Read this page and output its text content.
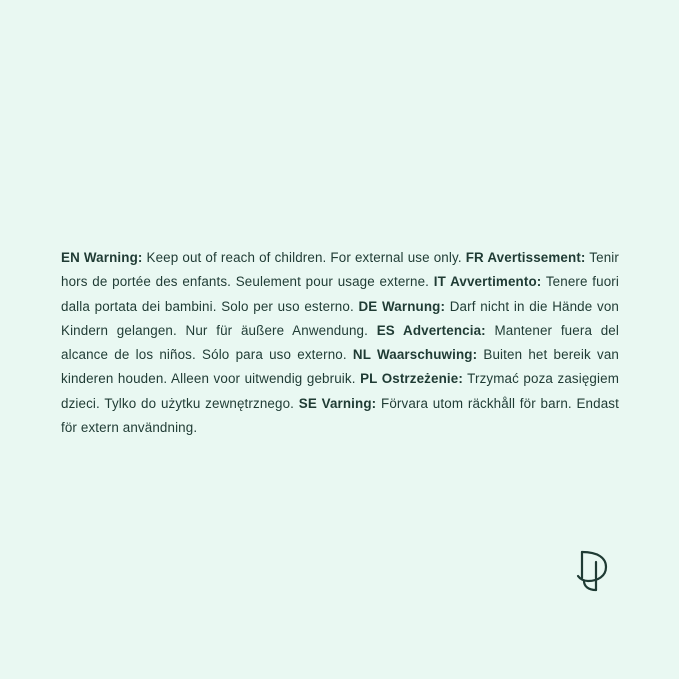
EN Warning: Keep out of reach of children. For external use only. FR Avertissement: Tenir hors de portée des enfants. Seulement pour usage externe. IT Avvertimento: Tenere fuori dalla portata dei bambini. Solo per uso esterno. DE Warnung: Darf nicht in die Hände von Kindern gelangen. Nur für äußere Anwendung. ES Advertencia: Mantener fuera del alcance de los niños. Sólo para uso externo. NL Waarschuwing: Buiten het bereik van kinderen houden. Alleen voor uitwendig gebruik. PL Ostrzeżenie: Trzymać poza zasięgiem dzieci. Tylko do użytku zewnętrznego. SE Varning: Förvara utom räckhåll för barn. Endast för extern användning.
